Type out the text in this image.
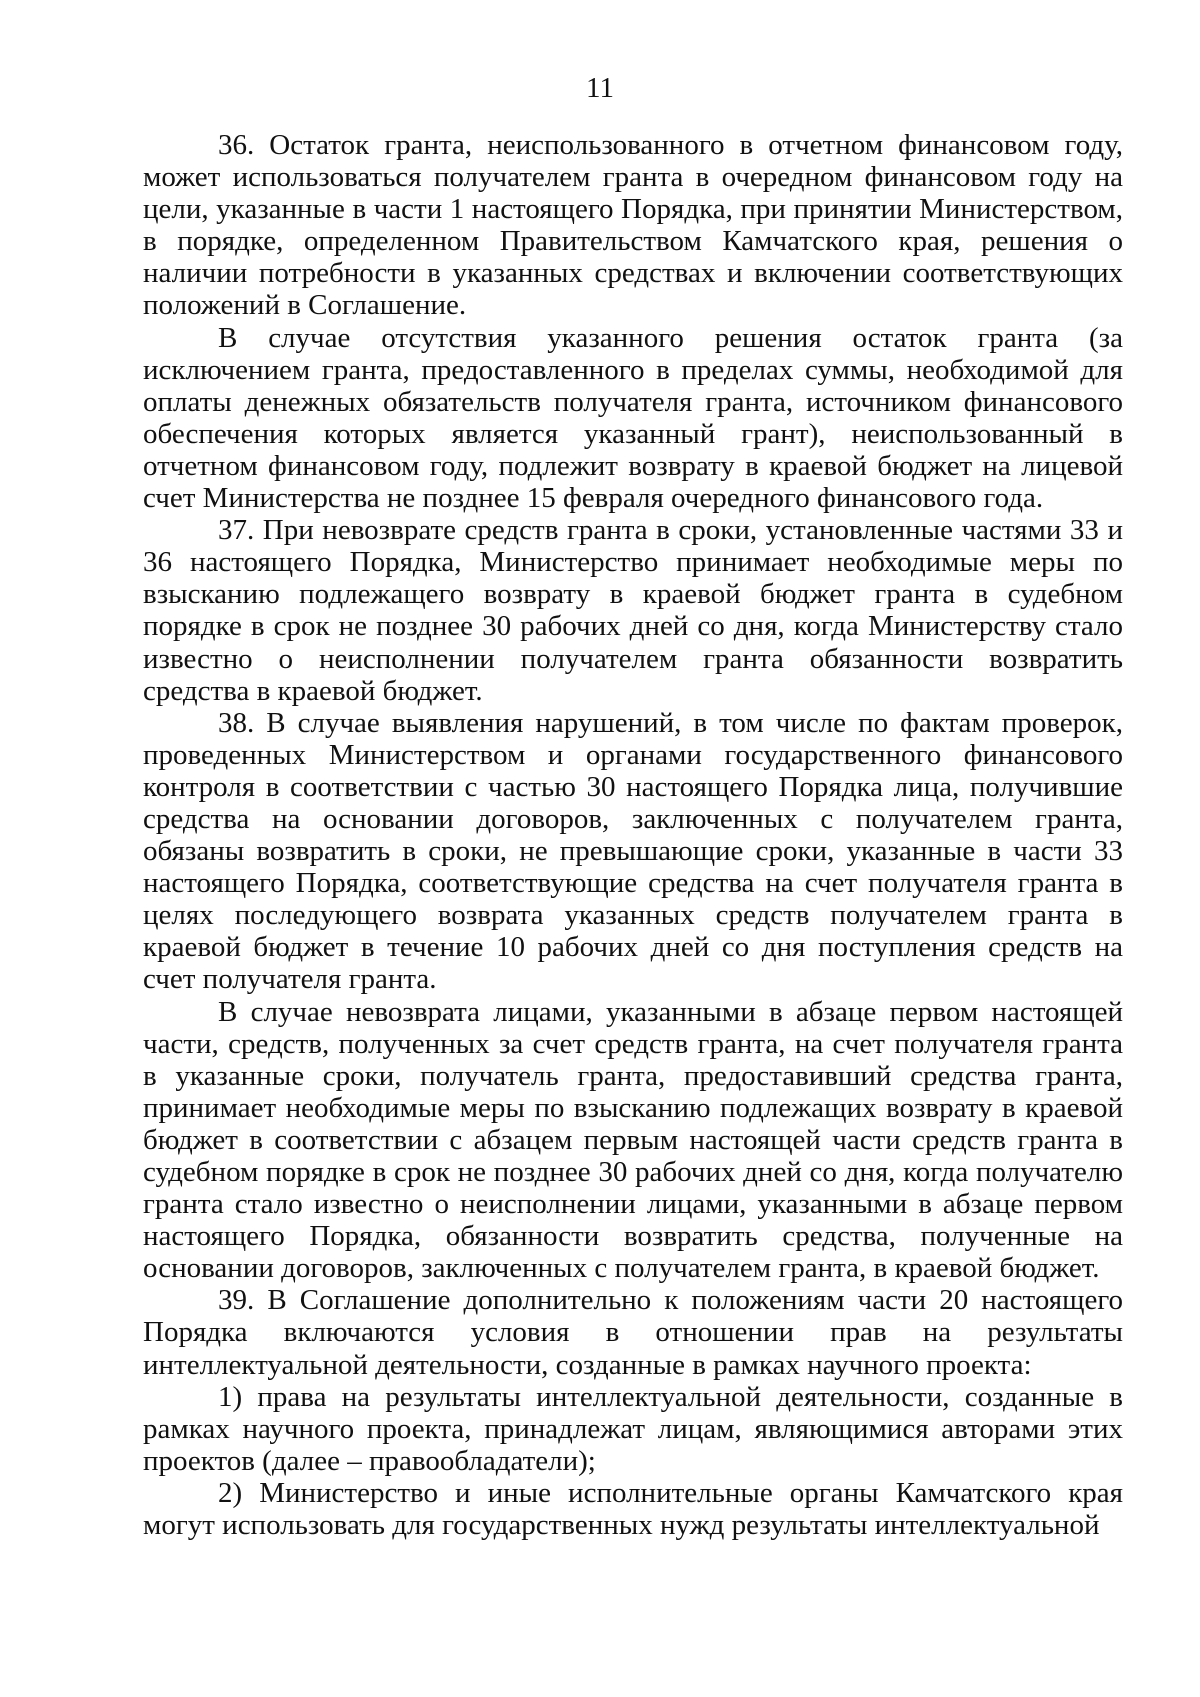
11

36. Остаток гранта, неиспользованного в отчетном финансовом году, может использоваться получателем гранта в очередном финансовом году на цели, указанные в части 1 настоящего Порядка, при принятии Министерством, в порядке, определенном Правительством Камчатского края, решения о наличии потребности в указанных средствах и включении соответствующих положений в Соглашение.

В случае отсутствия указанного решения остаток гранта (за исключением гранта, предоставленного в пределах суммы, необходимой для оплаты денежных обязательств получателя гранта, источником финансового обеспечения которых является указанный грант), неиспользованный в отчетном финансовом году, подлежит возврату в краевой бюджет на лицевой счет Министерства не позднее 15 февраля очередного финансового года.

37. При невозврате средств гранта в сроки, установленные частями 33 и 36 настоящего Порядка, Министерство принимает необходимые меры по взысканию подлежащего возврату в краевой бюджет гранта в судебном порядке в срок не позднее 30 рабочих дней со дня, когда Министерству стало известно о неисполнении получателем гранта обязанности возвратить средства в краевой бюджет.

38. В случае выявления нарушений, в том числе по фактам проверок, проведенных Министерством и органами государственного финансового контроля в соответствии с частью 30 настоящего Порядка лица, получившие средства на основании договоров, заключенных с получателем гранта, обязаны возвратить в сроки, не превышающие сроки, указанные в части 33 настоящего Порядка, соответствующие средства на счет получателя гранта в целях последующего возврата указанных средств получателем гранта в краевой бюджет в течение 10 рабочих дней со дня поступления средств на счет получателя гранта.

В случае невозврата лицами, указанными в абзаце первом настоящей части, средств, полученных за счет средств гранта, на счет получателя гранта в указанные сроки, получатель гранта, предоставивший средства гранта, принимает необходимые меры по взысканию подлежащих возврату в краевой бюджет в соответствии с абзацем первым настоящей части средств гранта в судебном порядке в срок не позднее 30 рабочих дней со дня, когда получателю гранта стало известно о неисполнении лицами, указанными в абзаце первом настоящего Порядка, обязанности возвратить средства, полученные на основании договоров, заключенных с получателем гранта, в краевой бюджет.

39. В Соглашение дополнительно к положениям части 20 настоящего Порядка включаются условия в отношении прав на результаты интеллектуальной деятельности, созданные в рамках научного проекта:

1) права на результаты интеллектуальной деятельности, созданные в рамках научного проекта, принадлежат лицам, являющимися авторами этих проектов (далее – правообладатели);

2) Министерство и иные исполнительные органы Камчатского края могут использовать для государственных нужд результаты интеллектуальной
